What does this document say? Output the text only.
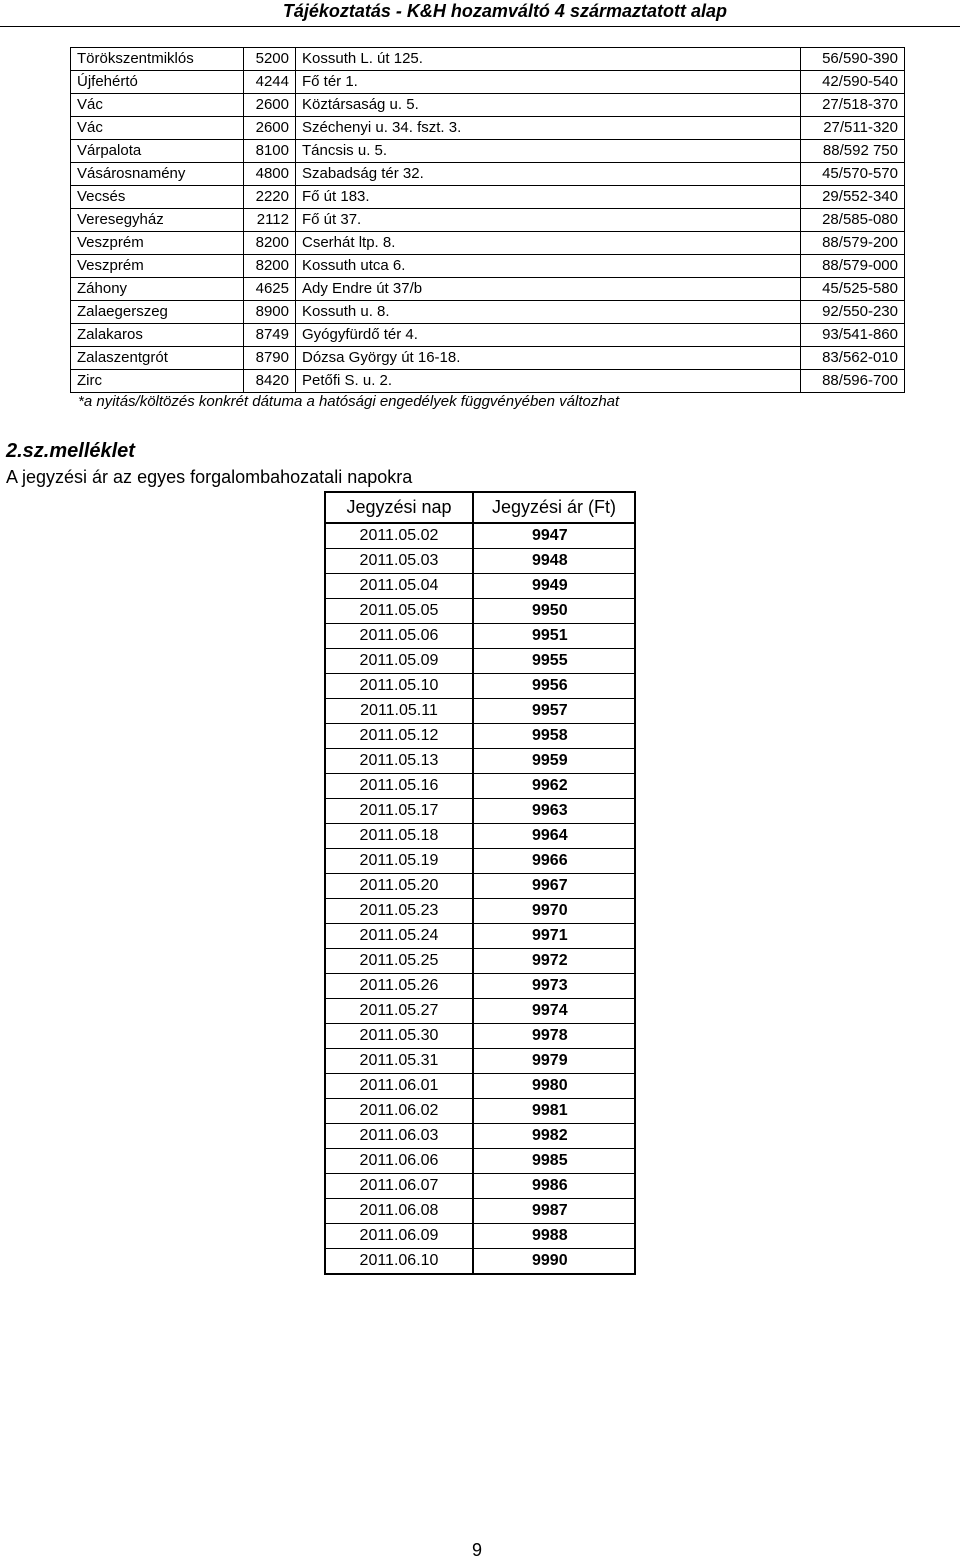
Tájékoztatás - K&H hozamváltó 4 származtatott alap
Törökszentmiklós	5200	Kossuth L. út 125.	56/590-390
Újfehértó	4244	Fő tér 1.	42/590-540
Vác	2600	Köztársaság u. 5.	27/518-370
Vác	2600	Széchenyi u. 34. fszt. 3.	27/511-320
Várpalota	8100	Táncsis u. 5.	88/592 750
Vásárosnamény	4800	Szabadság tér 32.	45/570-570
Vecsés	2220	Fő út 183.	29/552-340
Veresegyház	2112	Fő út 37.	28/585-080
Veszprém	8200	Cserhát ltp. 8.	88/579-200
Veszprém	8200	Kossuth utca 6.	88/579-000
Záhony	4625	Ady Endre út 37/b	45/525-580
Zalaegerszeg	8900	Kossuth u. 8.	92/550-230
Zalakaros	8749	Gyógyfürdő tér 4.	93/541-860
Zalaszentgrót	8790	Dózsa György út 16-18.	83/562-010
Zirc	8420	Petőfi S. u. 2.	88/596-700
*a nyitás/költözés konkrét dátuma a hatósági engedélyek függvényében változhat
2.sz.melléklet
A jegyzési ár az egyes forgalombahozatali napokra
Jegyzési nap	Jegyzési ár (Ft)
2011.05.02	9947
2011.05.03	9948
2011.05.04	9949
2011.05.05	9950
2011.05.06	9951
2011.05.09	9955
2011.05.10	9956
2011.05.11	9957
2011.05.12	9958
2011.05.13	9959
2011.05.16	9962
2011.05.17	9963
2011.05.18	9964
2011.05.19	9966
2011.05.20	9967
2011.05.23	9970
2011.05.24	9971
2011.05.25	9972
2011.05.26	9973
2011.05.27	9974
2011.05.30	9978
2011.05.31	9979
2011.06.01	9980
2011.06.02	9981
2011.06.03	9982
2011.06.06	9985
2011.06.07	9986
2011.06.08	9987
2011.06.09	9988
2011.06.10	9990
9
